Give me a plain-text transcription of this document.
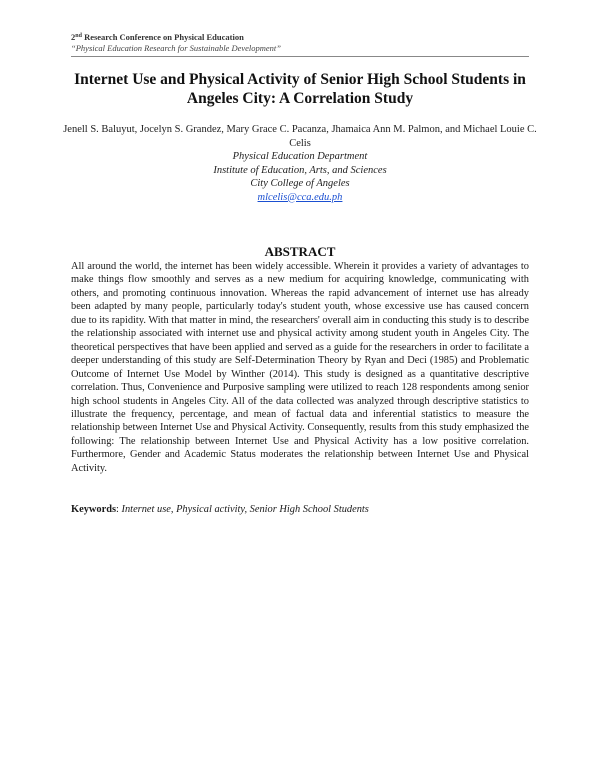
2nd Research Conference on Physical Education
“Physical Education Research for Sustainable Development”
Internet Use and Physical Activity of Senior High School Students in Angeles City: A Correlation Study
Jenell S. Baluyut, Jocelyn S. Grandez, Mary Grace C. Pacanza, Jhamaica Ann M. Palmon, and Michael Louie C. Celis
Physical Education Department
Institute of Education, Arts, and Sciences
City College of Angeles
mlcelis@cca.edu.ph
ABSTRACT
All around the world, the internet has been widely accessible. Wherein it provides a variety of advantages to make things flow smoothly and serves as a new medium for acquiring knowledge, communicating with others, and promoting continuous innovation. Whereas the rapid advancement of internet use has already been adapted by many people, particularly today's student youth, whose excessive use has caused concern due to its rapidity. With that matter in mind, the researchers' overall aim in conducting this study is to describe the relationship associated with internet use and physical activity among student youth in Angeles City. The theoretical perspectives that have been applied and served as a guide for the researchers in order to facilitate a deeper understanding of this study are Self-Determination Theory by Ryan and Deci (1985) and Problematic Outcome of Internet Use Model by Winther (2014). This study is designed as a quantitative descriptive correlation. Thus, Convenience and Purposive sampling were utilized to reach 128 respondents among senior high school students in Angeles City. All of the data collected was analyzed through descriptive statistics to illustrate the frequency, percentage, and mean of factual data and inferential statistics to measure the relationship between Internet Use and Physical Activity. Consequently, results from this study emphasized the following: The relationship between Internet Use and Physical Activity has a low positive correlation. Furthermore, Gender and Academic Status moderates the relationship between Internet Use and Physical Activity.
Keywords: Internet use, Physical activity, Senior High School Students
